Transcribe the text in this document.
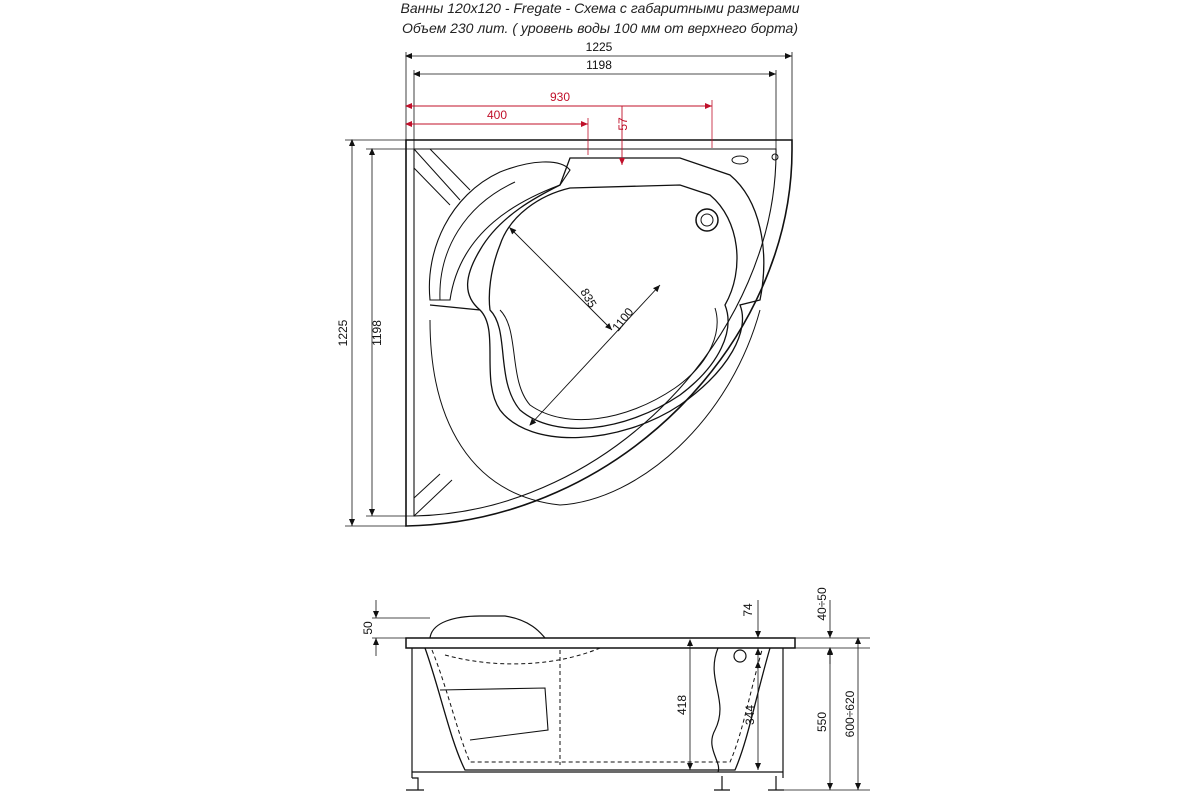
Ванны 120x120 - Fregate - Схема с габаритными размерами
Объем 230 лит. ( уровень воды 100 мм от верхнего борта)
1225
1198
930
400
57
835
1100
1225 1198
50
418
74
344
40÷50
550 600÷620
